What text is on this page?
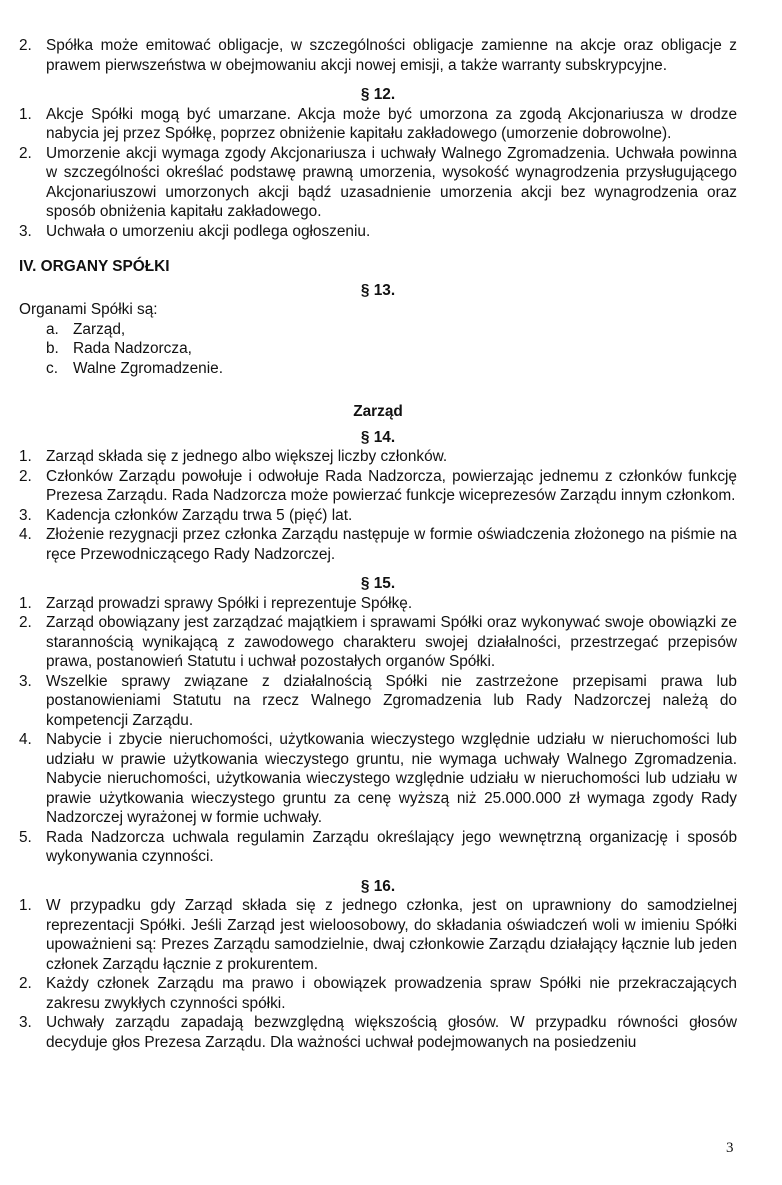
2. Spółka może emitować obligacje, w szczególności obligacje zamienne na akcje oraz obligacje z prawem pierwszeństwa w obejmowaniu akcji nowej emisji, a także warranty subskrypcyjne.
§ 12.
1. Akcje Spółki mogą być umarzane. Akcja może być umorzona za zgodą Akcjonariusza w drodze nabycia jej przez Spółkę, poprzez obniżenie kapitału zakładowego (umorzenie dobrowolne).
2. Umorzenie akcji wymaga zgody Akcjonariusza i uchwały Walnego Zgromadzenia. Uchwała powinna w szczególności określać podstawę prawną umorzenia, wysokość wynagrodzenia przysługującego Akcjonariuszowi umorzonych akcji bądź uzasadnienie umorzenia akcji bez wynagrodzenia oraz sposób obniżenia kapitału zakładowego.
3. Uchwała o umorzeniu akcji podlega ogłoszeniu.
IV. ORGANY SPÓŁKI
§ 13.

Organami Spółki są:

a. Zarząd,
b. Rada Nadzorcza,
c. Walne Zgromadzenie.
Zarząd
§ 14.
1. Zarząd składa się z jednego albo większej liczby członków.
2. Członków Zarządu powołuje i odwołuje Rada Nadzorcza, powierzając jednemu z członków funkcję Prezesa Zarządu. Rada Nadzorcza może powierzać funkcje wiceprezesów Zarządu innym członkom.
3. Kadencja członków Zarządu trwa 5 (pięć) lat.
4. Złożenie rezygnacji przez członka Zarządu następuje w formie oświadczenia złożonego na piśmie na ręce Przewodniczącego Rady Nadzorczej.
§ 15.
1. Zarząd prowadzi sprawy Spółki i reprezentuje Spółkę.
2. Zarząd obowiązany jest zarządzać majątkiem i sprawami Spółki oraz wykonywać swoje obowiązki ze starannością wynikającą z zawodowego charakteru swojej działalności, przestrzegać przepisów prawa, postanowień Statutu i uchwał pozostałych organów Spółki.
3. Wszelkie sprawy związane z działalnością Spółki nie zastrzeżone przepisami prawa lub postanowieniami Statutu na rzecz Walnego Zgromadzenia lub Rady Nadzorczej należą do kompetencji Zarządu.
4. Nabycie i zbycie nieruchomości, użytkowania wieczystego względnie udziału w nieruchomości lub udziału w prawie użytkowania wieczystego gruntu, nie wymaga uchwały Walnego Zgromadzenia. Nabycie nieruchomości, użytkowania wieczystego względnie udziału w nieruchomości lub udziału w prawie użytkowania wieczystego gruntu za cenę wyższą niż 25.000.000 zł wymaga zgody Rady Nadzorczej wyrażonej w formie uchwały.
5. Rada Nadzorcza uchwala regulamin Zarządu określający jego wewnętrzną organizację i sposób wykonywania czynności.
§ 16.
1. W przypadku gdy Zarząd składa się z jednego członka, jest on uprawniony do samodzielnej reprezentacji Spółki. Jeśli Zarząd jest wieloosobowy, do składania oświadczeń woli w imieniu Spółki upoważnieni są: Prezes Zarządu samodzielnie, dwaj członkowie Zarządu działający łącznie lub jeden członek Zarządu łącznie z prokurentem.
2. Każdy członek Zarządu ma prawo i obowiązek prowadzenia spraw Spółki nie przekraczających zakresu zwykłych czynności spółki.
3. Uchwały zarządu zapadają bezwzględną większością głosów. W przypadku równości głosów decyduje głos Prezesa Zarządu. Dla ważności uchwał podejmowanych na posiedzeniu
3
